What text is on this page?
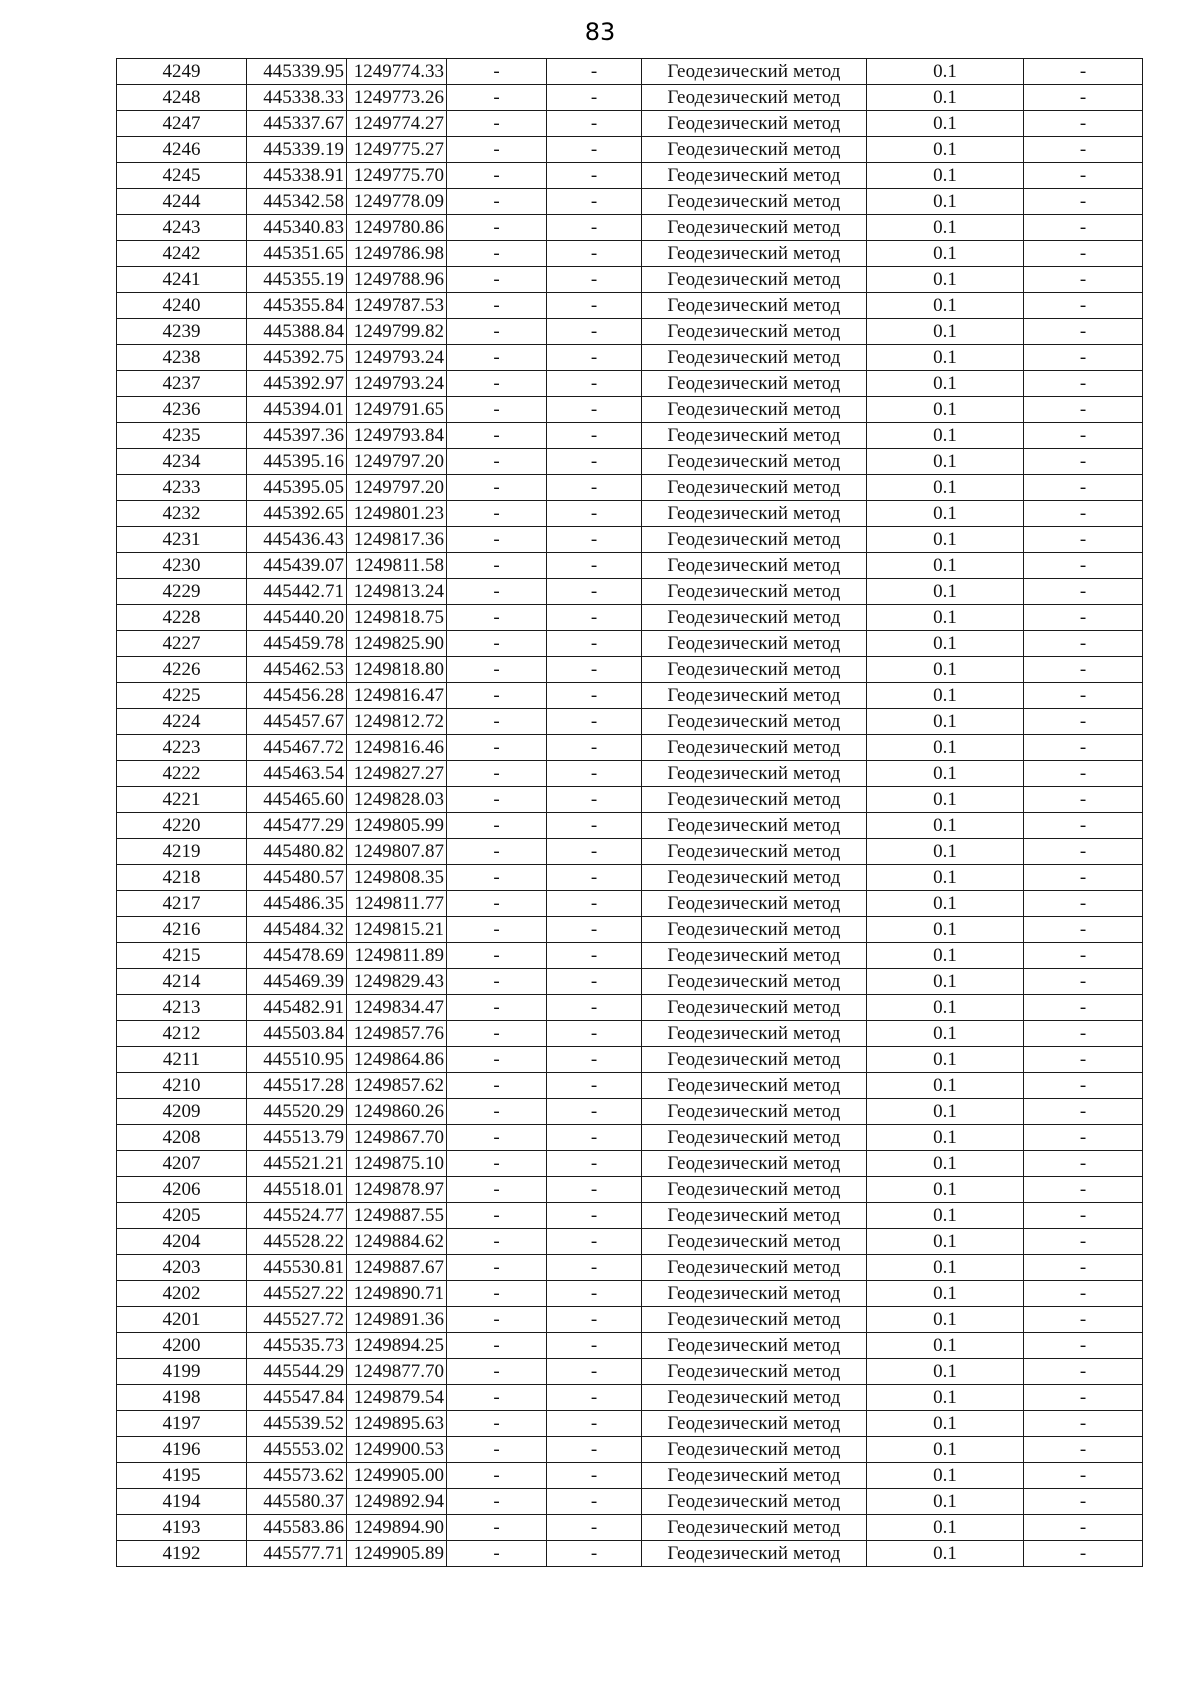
83
4249	445339.95	1249774.33	-	-	Геодезический метод	0.1	-
4248	445338.33	1249773.26	-	-	Геодезический метод	0.1	-
4247	445337.67	1249774.27	-	-	Геодезический метод	0.1	-
4246	445339.19	1249775.27	-	-	Геодезический метод	0.1	-
4245	445338.91	1249775.70	-	-	Геодезический метод	0.1	-
4244	445342.58	1249778.09	-	-	Геодезический метод	0.1	-
4243	445340.83	1249780.86	-	-	Геодезический метод	0.1	-
4242	445351.65	1249786.98	-	-	Геодезический метод	0.1	-
4241	445355.19	1249788.96	-	-	Геодезический метод	0.1	-
4240	445355.84	1249787.53	-	-	Геодезический метод	0.1	-
4239	445388.84	1249799.82	-	-	Геодезический метод	0.1	-
4238	445392.75	1249793.24	-	-	Геодезический метод	0.1	-
4237	445392.97	1249793.24	-	-	Геодезический метод	0.1	-
4236	445394.01	1249791.65	-	-	Геодезический метод	0.1	-
4235	445397.36	1249793.84	-	-	Геодезический метод	0.1	-
4234	445395.16	1249797.20	-	-	Геодезический метод	0.1	-
4233	445395.05	1249797.20	-	-	Геодезический метод	0.1	-
4232	445392.65	1249801.23	-	-	Геодезический метод	0.1	-
4231	445436.43	1249817.36	-	-	Геодезический метод	0.1	-
4230	445439.07	1249811.58	-	-	Геодезический метод	0.1	-
4229	445442.71	1249813.24	-	-	Геодезический метод	0.1	-
4228	445440.20	1249818.75	-	-	Геодезический метод	0.1	-
4227	445459.78	1249825.90	-	-	Геодезический метод	0.1	-
4226	445462.53	1249818.80	-	-	Геодезический метод	0.1	-
4225	445456.28	1249816.47	-	-	Геодезический метод	0.1	-
4224	445457.67	1249812.72	-	-	Геодезический метод	0.1	-
4223	445467.72	1249816.46	-	-	Геодезический метод	0.1	-
4222	445463.54	1249827.27	-	-	Геодезический метод	0.1	-
4221	445465.60	1249828.03	-	-	Геодезический метод	0.1	-
4220	445477.29	1249805.99	-	-	Геодезический метод	0.1	-
4219	445480.82	1249807.87	-	-	Геодезический метод	0.1	-
4218	445480.57	1249808.35	-	-	Геодезический метод	0.1	-
4217	445486.35	1249811.77	-	-	Геодезический метод	0.1	-
4216	445484.32	1249815.21	-	-	Геодезический метод	0.1	-
4215	445478.69	1249811.89	-	-	Геодезический метод	0.1	-
4214	445469.39	1249829.43	-	-	Геодезический метод	0.1	-
4213	445482.91	1249834.47	-	-	Геодезический метод	0.1	-
4212	445503.84	1249857.76	-	-	Геодезический метод	0.1	-
4211	445510.95	1249864.86	-	-	Геодезический метод	0.1	-
4210	445517.28	1249857.62	-	-	Геодезический метод	0.1	-
4209	445520.29	1249860.26	-	-	Геодезический метод	0.1	-
4208	445513.79	1249867.70	-	-	Геодезический метод	0.1	-
4207	445521.21	1249875.10	-	-	Геодезический метод	0.1	-
4206	445518.01	1249878.97	-	-	Геодезический метод	0.1	-
4205	445524.77	1249887.55	-	-	Геодезический метод	0.1	-
4204	445528.22	1249884.62	-	-	Геодезический метод	0.1	-
4203	445530.81	1249887.67	-	-	Геодезический метод	0.1	-
4202	445527.22	1249890.71	-	-	Геодезический метод	0.1	-
4201	445527.72	1249891.36	-	-	Геодезический метод	0.1	-
4200	445535.73	1249894.25	-	-	Геодезический метод	0.1	-
4199	445544.29	1249877.70	-	-	Геодезический метод	0.1	-
4198	445547.84	1249879.54	-	-	Геодезический метод	0.1	-
4197	445539.52	1249895.63	-	-	Геодезический метод	0.1	-
4196	445553.02	1249900.53	-	-	Геодезический метод	0.1	-
4195	445573.62	1249905.00	-	-	Геодезический метод	0.1	-
4194	445580.37	1249892.94	-	-	Геодезический метод	0.1	-
4193	445583.86	1249894.90	-	-	Геодезический метод	0.1	-
4192	445577.71	1249905.89	-	-	Геодезический метод	0.1	-
